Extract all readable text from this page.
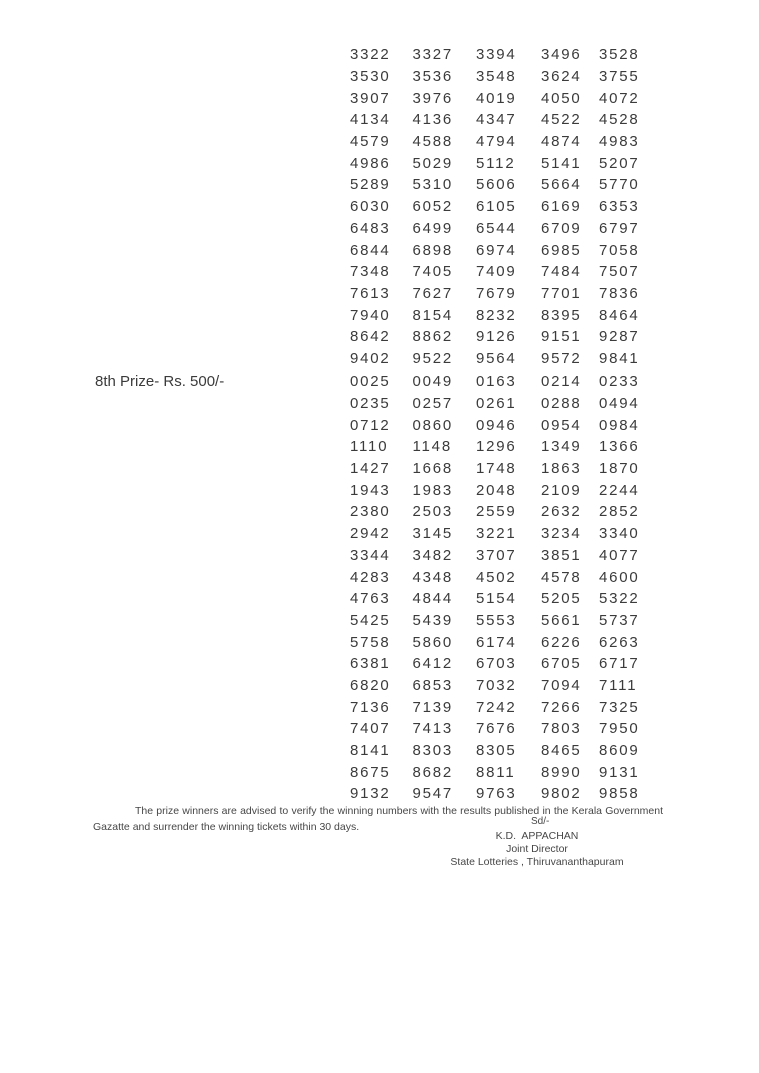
3322	3327	3394	3496	3528
3530	3536	3548	3624	3755
3907	3976	4019	4050	4072
4134	4136	4347	4522	4528
4579	4588	4794	4874	4983
4986	5029	5112	5141	5207
5289	5310	5606	5664	5770
6030	6052	6105	6169	6353
6483	6499	6544	6709	6797
6844	6898	6974	6985	7058
7348	7405	7409	7484	7507
7613	7627	7679	7701	7836
7940	8154	8232	8395	8464
8642	8862	9126	9151	9287
9402	9522	9564	9572	9841
8th Prize- Rs. 500/-	0025	0049	0163	0214	0233
0235	0257	0261	0288	0494
0712	0860	0946	0954	0984
1110	1148	1296	1349	1366
1427	1668	1748	1863	1870
1943	1983	2048	2109	2244
2380	2503	2559	2632	2852
2942	3145	3221	3234	3340
3344	3482	3707	3851	4077
4283	4348	4502	4578	4600
4763	4844	5154	5205	5322
5425	5439	5553	5661	5737
5758	5860	6174	6226	6263
6381	6412	6703	6705	6717
6820	6853	7032	7094	7111
7136	7139	7242	7266	7325
7407	7413	7676	7803	7950
8141	8303	8305	8465	8609
8675	8682	8811	8990	9131
9132	9547	9763	9802	9858
The prize winners are advised to verify the winning numbers with the results published in the Kerala Government
Gazatte and surrender the winning tickets within 30 days.	Sd/-
K.D. APPACHAN
Joint Director
State Lotteries , Thiruvananthapuram
